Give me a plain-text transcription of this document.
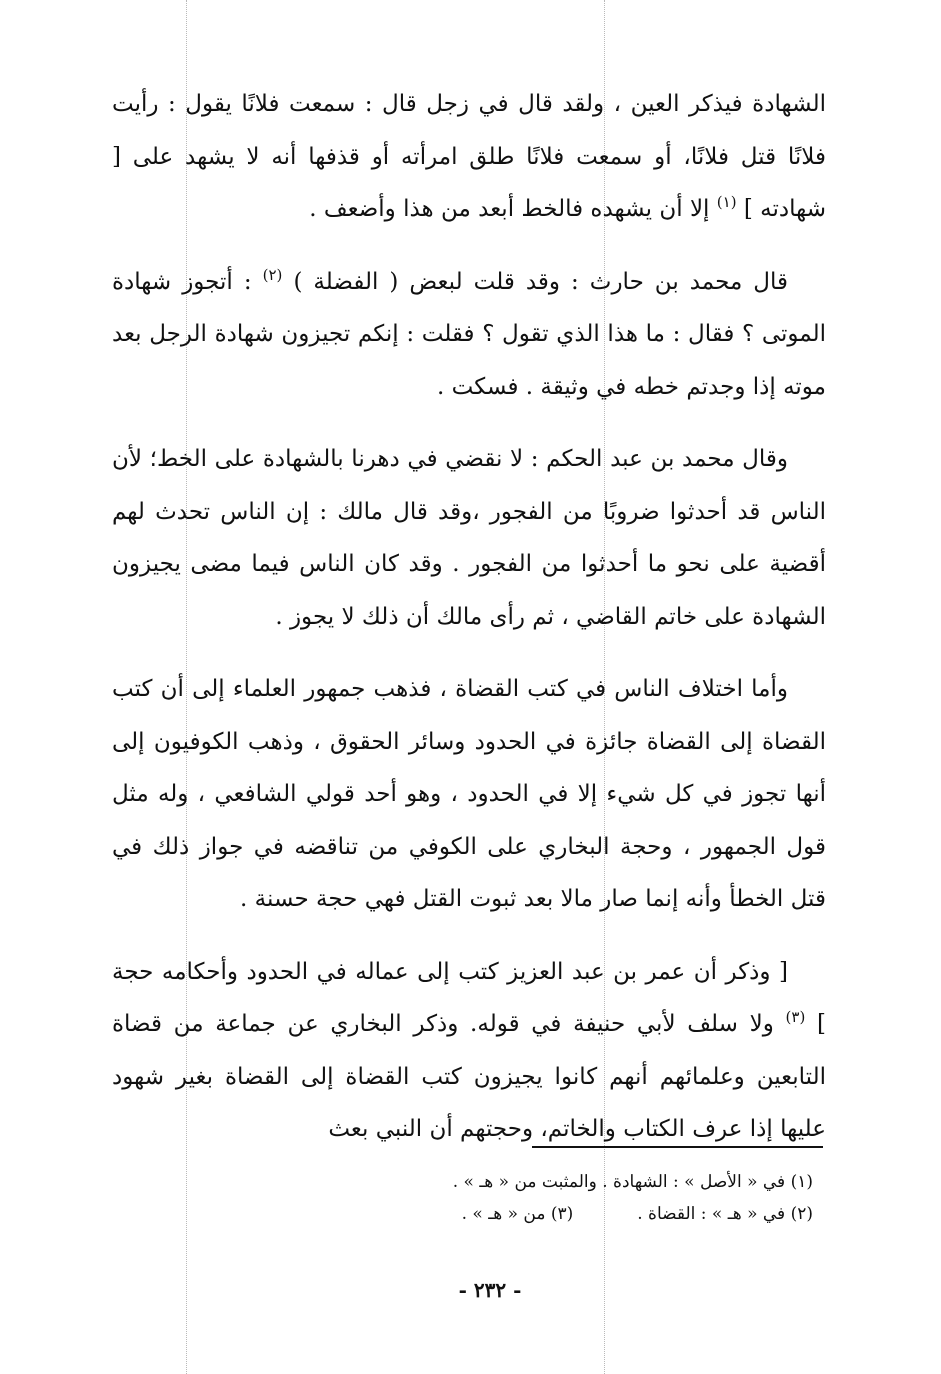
الشهادة فيذكر العين ، ولقد قال في زجل قال : سمعت فلانًا يقول : رأيت فلانًا قتل فلانًا، أو سمعت فلانًا طلق امرأته أو قذفها أنه لا يشهد على [ شهادته ] $^{(١)}$ إلا أن يشهده فالخط أبعد من هذا وأضعف .

قال محمد بن حارث : وقد قلت لبعض ( الفضلة ) $^{(٢)}$ : أتجوز شهادة الموتى ؟ فقال : ما هذا الذي تقول ؟ فقلت : إنكم تجيزون شهادة الرجل بعد موته إذا وجدتم خطه في وثيقة . فسكت .

وقال محمد بن عبد الحكم : لا نقضي في دهرنا بالشهادة على الخط؛ لأن الناس قد أحدثوا ضروبًا من الفجور ،وقد قال مالك : إن الناس تحدث لهم أقضية على نحو ما أحدثوا من الفجور . وقد كان الناس فيما مضى يجيزون الشهادة على خاتم القاضي ، ثم رأى مالك أن ذلك لا يجوز .

وأما اختلاف الناس في كتب القضاة ، فذهب جمهور العلماء إلى أن كتب القضاة إلى القضاة جائزة في الحدود وسائر الحقوق ، وذهب الكوفيون إلى أنها تجوز في كل شيء إلا في الحدود ، وهو أحد قولي الشافعي ، وله مثل قول الجمهور ، وحجة البخاري على الكوفي من تناقضه في جواز ذلك في قتل الخطأ وأنه إنما صار مالا بعد ثبوت القتل فهي حجة حسنة .

[ وذكر أن عمر بن عبد العزيز كتب إلى عماله في الحدود وأحكامه حجة ] $^{(٣)}$ ولا سلف لأبي حنيفة في قوله. وذكر البخاري عن جماعة من قضاة التابعين وعلمائهم أنهم كانوا يجيزون كتب القضاة إلى القضاة بغير شهود عليها إذا عرف الكتاب والخاتم، وحجتهم أن النبي بعث

(١) في « الأصل » : الشهادة . والمثبت من « هـ » .
(٢) في « هـ » : القضاة .
(٣) من « هـ » .
- ٢٣٢ -
